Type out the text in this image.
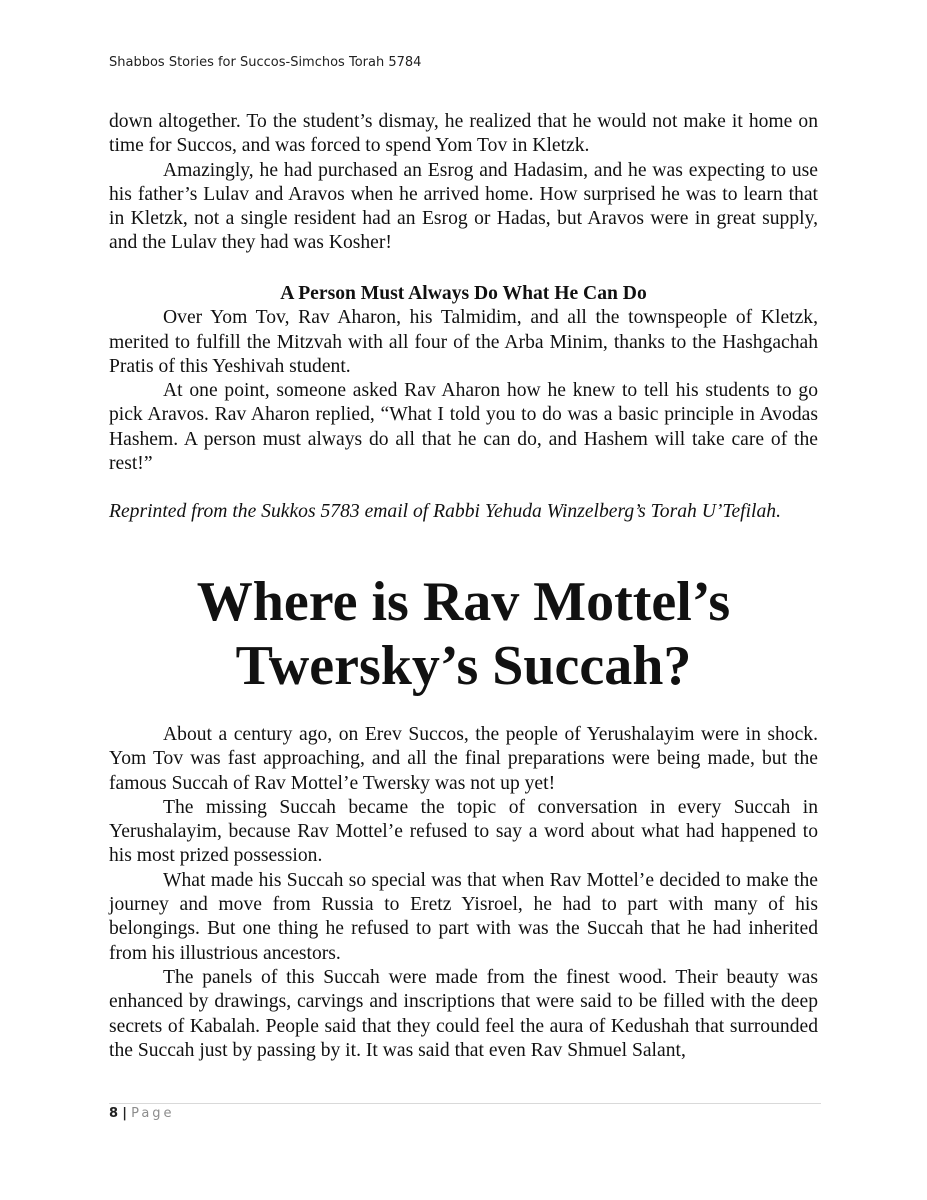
Shabbos Stories for Succos-Simchos Torah 5784

down altogether. To the student’s dismay, he realized that he would not make it home on time for Succos, and was forced to spend Yom Tov in Kletzk.

Amazingly, he had purchased an Esrog and Hadasim, and he was expecting to use his father’s Lulav and Aravos when he arrived home. How surprised he was to learn that in Kletzk, not a single resident had an Esrog or Hadas, but Aravos were in great supply, and the Lulav they had was Kosher!

A Person Must Always Do What He Can Do

Over Yom Tov, Rav Aharon, his Talmidim, and all the townspeople of Kletzk, merited to fulfill the Mitzvah with all four of the Arba Minim, thanks to the Hashgachah Pratis of this Yeshivah student.

At one point, someone asked Rav Aharon how he knew to tell his students to go pick Aravos. Rav Aharon replied, “What I told you to do was a basic principle in Avodas Hashem. A person must always do all that he can do, and Hashem will take care of the rest!”

Reprinted from the Sukkos 5783 email of Rabbi Yehuda Winzelberg’s Torah U’Tefilah.
Where is Rav Mottel’s
Twersky’s Succah?

About a century ago, on Erev Succos, the people of Yerushalayim were in shock. Yom Tov was fast approaching, and all the final preparations were being made, but the famous Succah of Rav Mottel’e Twersky was not up yet!

The missing Succah became the topic of conversation in every Succah in Yerushalayim, because Rav Mottel’e refused to say a word about what had happened to his most prized possession.

What made his Succah so special was that when Rav Mottel’e decided to make the journey and move from Russia to Eretz Yisroel, he had to part with many of his belongings. But one thing he refused to part with was the Succah that he had inherited from his illustrious ancestors.

The panels of this Succah were made from the finest wood. Their beauty was enhanced by drawings, carvings and inscriptions that were said to be filled with the deep secrets of Kabalah. People said that they could feel the aura of Kedushah that surrounded the Succah just by passing by it. It was said that even Rav Shmuel Salant,

8 | Page
